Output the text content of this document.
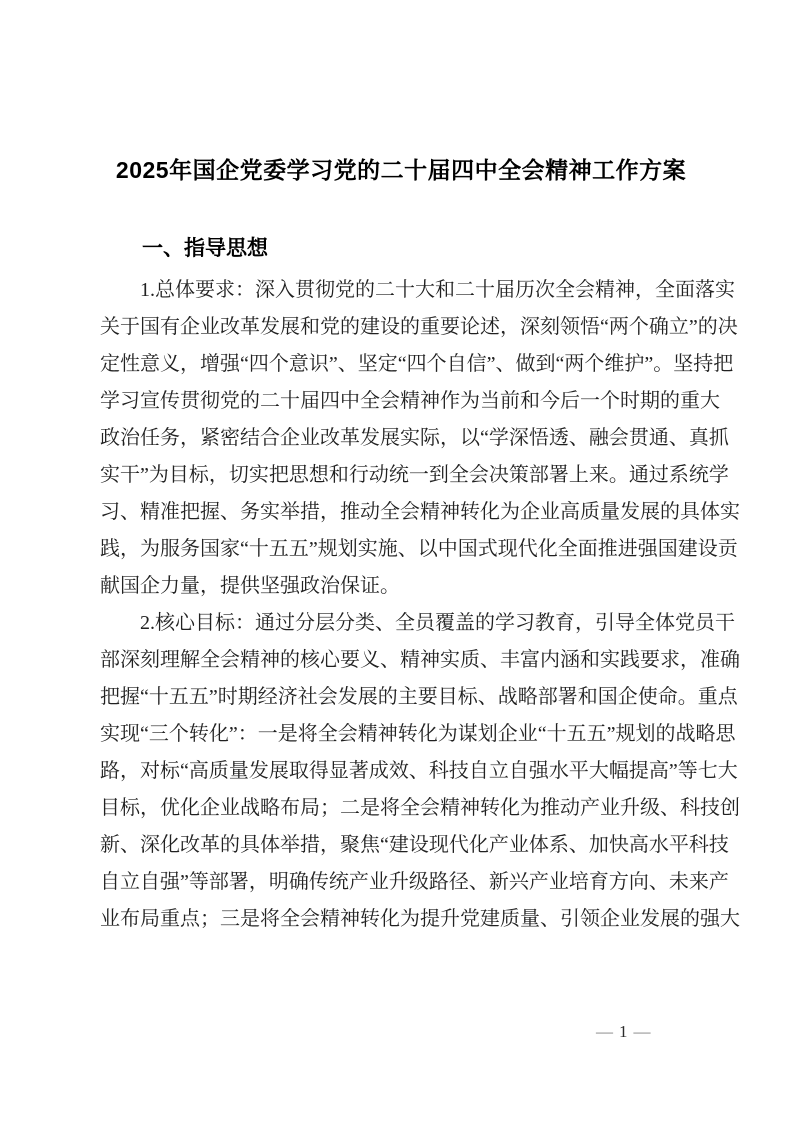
2025年国企党委学习党的二十届四中全会精神工作方案
一、指导思想
1.总体要求：深入贯彻党的二十大和二十届历次全会精神，全面落实
关于国有企业改革发展和党的建设的重要论述，深刻领悟“两个确立”的决
定性意义，增强“四个意识”、坚定“四个自信”、做到“两个维护”。坚持把
学习宣传贯彻党的二十届四中全会精神作为当前和今后一个时期的重大
政治任务，紧密结合企业改革发展实际，以“学深悟透、融会贯通、真抓
实干”为目标，切实把思想和行动统一到全会决策部署上来。通过系统学
习、精准把握、务实举措，推动全会精神转化为企业高质量发展的具体实
践，为服务国家“十五五”规划实施、以中国式现代化全面推进强国建设贡
献国企力量，提供坚强政治保证。
2.核心目标：通过分层分类、全员覆盖的学习教育，引导全体党员干
部深刻理解全会精神的核心要义、精神实质、丰富内涵和实践要求，准确
把握“十五五”时期经济社会发展的主要目标、战略部署和国企使命。重点
实现“三个转化”：一是将全会精神转化为谋划企业“十五五”规划的战略思
路，对标“高质量发展取得显著成效、科技自立自强水平大幅提高”等七大
目标，优化企业战略布局；二是将全会精神转化为推动产业升级、科技创
新、深化改革的具体举措，聚焦“建设现代化产业体系、加快高水平科技
自立自强”等部署，明确传统产业升级路径、新兴产业培育方向、未来产
业布局重点；三是将全会精神转化为提升党建质量、引领企业发展的强大
— 1 —
